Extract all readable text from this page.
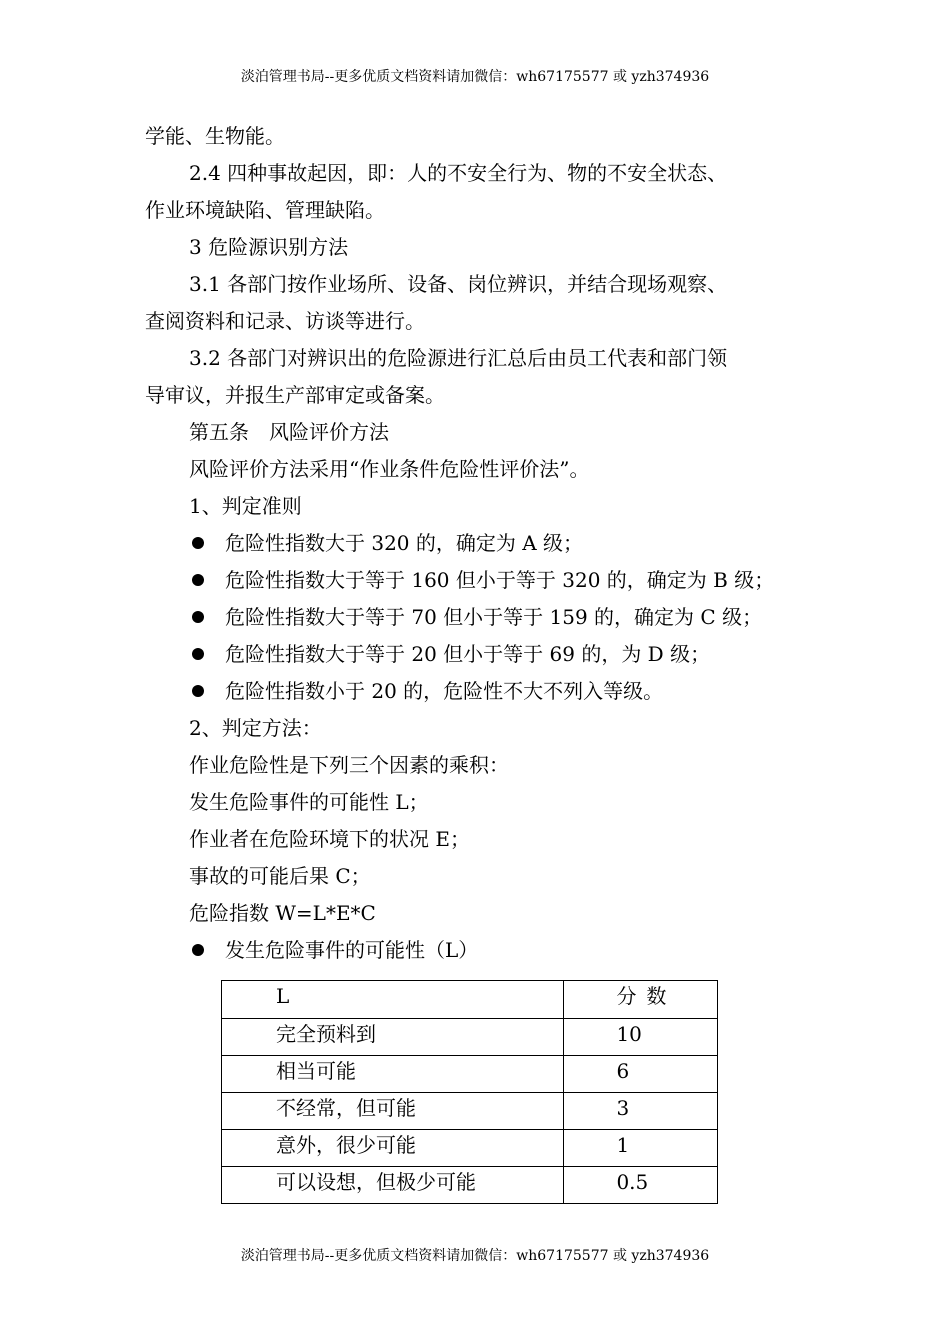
淡泊管理书局--更多优质文档资料请加微信：wh67175577 或 yzh374936
学能、生物能。
2.4 四种事故起因，即：人的不安全行为、物的不安全状态、
作业环境缺陷、管理缺陷。
3 危险源识别方法
3.1 各部门按作业场所、设备、岗位辨识，并结合现场观察、
查阅资料和记录、访谈等进行。
3.2 各部门对辨识出的危险源进行汇总后由员工代表和部门领
导审议，并报生产部审定或备案。
第五条　风险评价方法
风险评价方法采用“作业条件危险性评价法”。
1、判定准则
危险性指数大于 320 的，确定为 A 级；
危险性指数大于等于 160 但小于等于 320 的，确定为 B 级；
危险性指数大于等于 70 但小于等于 159 的，确定为 C 级；
危险性指数大于等于 20 但小于等于 69 的，为 D 级；
危险性指数小于 20 的，危险性不大不列入等级。
2、判定方法：
作业危险性是下列三个因素的乘积：
发生危险事件的可能性 L；
作业者在危险环境下的状况 E；
事故的可能后果 C；
危险指数 W=L*E*C
发生危险事件的可能性（L）
L	分数
完全预料到	10
相当可能	6
不经常，但可能	3
意外，很少可能	1
可以设想，但极少可能	0.5
淡泊管理书局--更多优质文档资料请加微信：wh67175577 或 yzh374936
